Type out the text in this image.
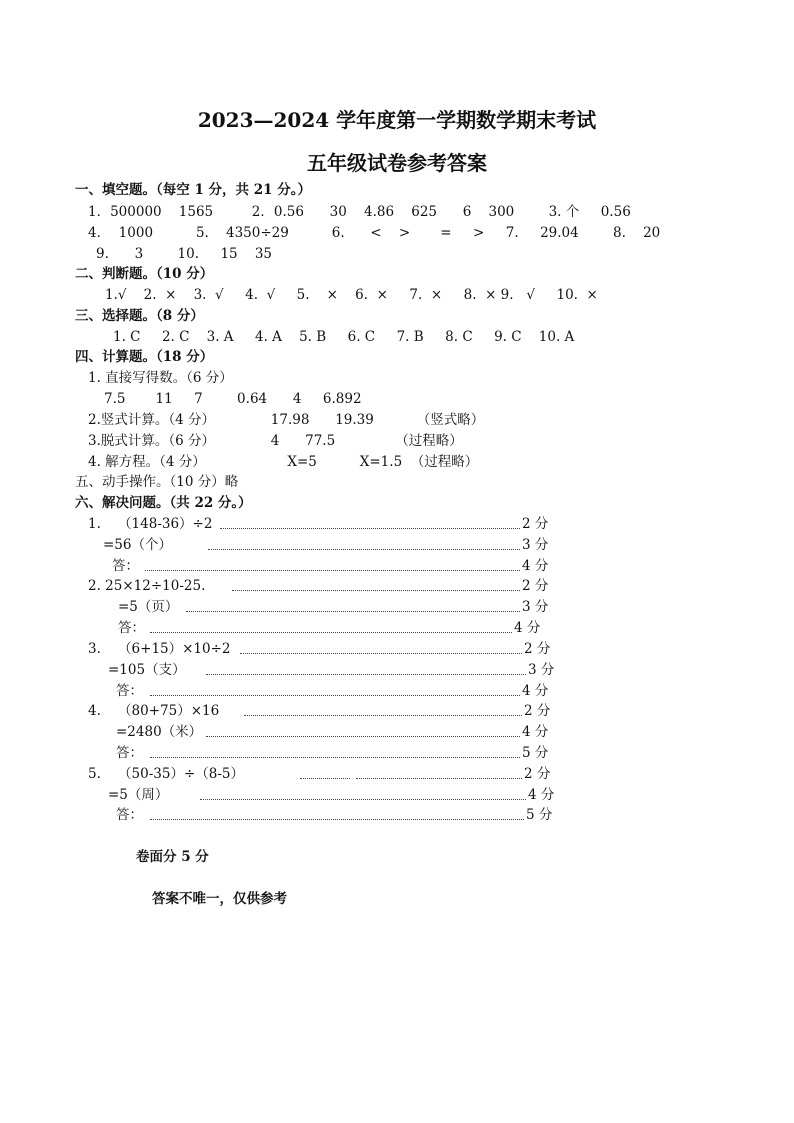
2023—2024 学年度第一学期数学期末考试
五年级试卷参考答案
一、填空题。（每空 1 分，共 21 分。）
1．500000    1565         2．0.56      30    4.86    625      6    300        3. 个     0.56
4．  1000          5.    4350÷29          6.      <    >       =     >     7.     29.04        8.    20
9.      3        10.     15    35
二、判断题。（10 分）
1.√    2.  ×    3.  √     4.  √     5.    ×    6.  ×     7.  ×     8.  × 9.   √     10.  ×
三、选择题。（8 分）
1. C     2. C    3. A     4. A    5. B     6. C     7. B     8. C     9. C    10. A
四、计算题。（18 分）
1. 直接写得数。（6 分）
7.5       11     7        0.64      4     6.892
2.竖式计算。（4 分）             17.98      19.39          （竖式略）
3.脱式计算。（6 分）             4      77.5              （过程略）
4. 解方程。（4 分）                   X=5          X=1.5  （过程略）
五、动手操作。（10 分）略
六、解决问题。（共 22 分。）
1.    （148-36）÷2	2 分
=56（个）	3 分
答：	4 分
2. 25×12÷10-25.	2 分
=5（页）	3 分
答：	4 分
3.    （6+15）×10÷2	2 分
=105（支）	3 分
答：	4 分
4.    （80+75）×16	2 分
=2480（米）	4 分
答：	5 分
5.    （50-35）÷（8-5）	2 分
=5（周）	4 分
答：	5 分
卷面分 5 分
答案不唯一，仅供参考
